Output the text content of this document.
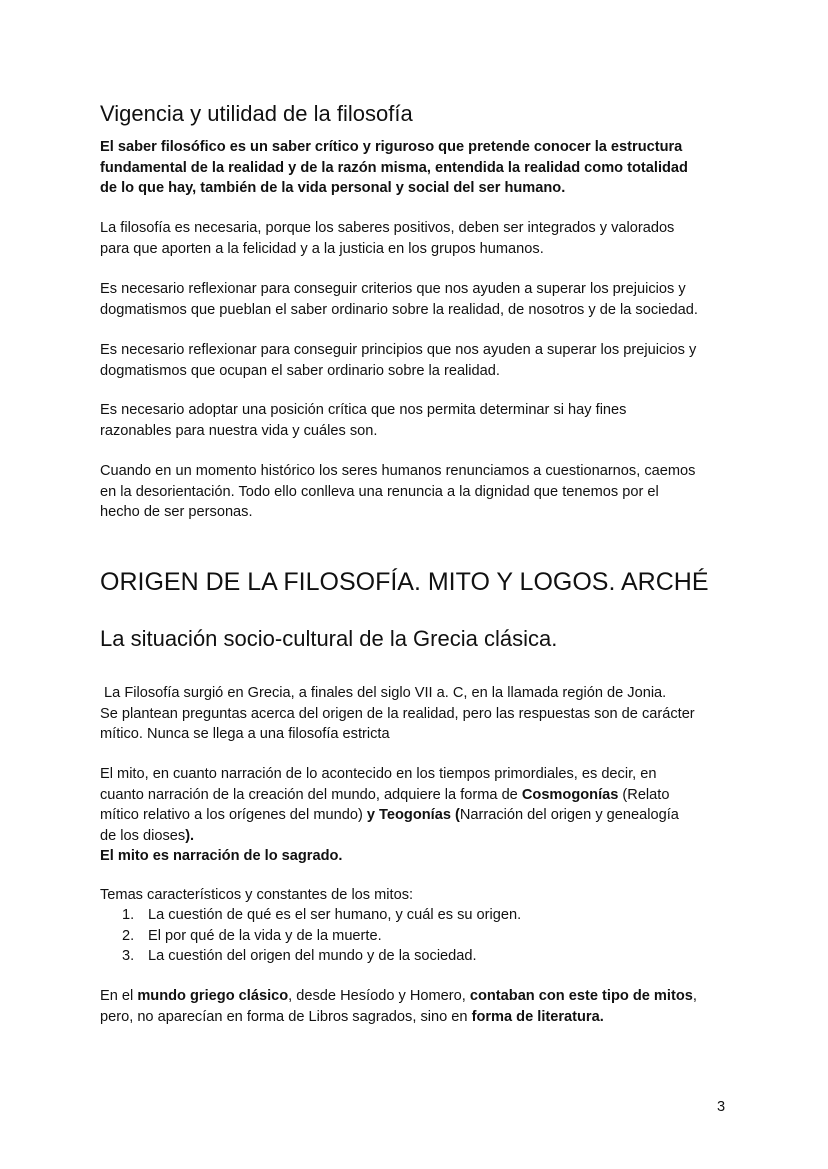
Vigencia y utilidad de la filosofía

El saber filosófico es un saber crítico y riguroso que pretende conocer la estructura
fundamental de la realidad y de la razón misma, entendida la realidad como totalidad
de lo que hay, también de la vida personal y social del ser humano.

La filosofía es necesaria, porque los saberes positivos, deben ser integrados y valorados
para que aporten a la felicidad y a la justicia en los grupos humanos.

Es necesario reflexionar para conseguir criterios que nos ayuden a superar los prejuicios y
dogmatismos que pueblan el saber ordinario sobre la realidad, de nosotros y de la sociedad.

Es necesario reflexionar para conseguir principios que nos ayuden a superar los prejuicios y
dogmatismos que ocupan el saber ordinario sobre la realidad.

Es necesario adoptar una posición crítica que nos permita determinar si hay fines
razonables para nuestra vida y cuáles son.

Cuando en un momento histórico los seres humanos renunciamos a cuestionarnos, caemos
en la desorientación. Todo ello conlleva una renuncia a la dignidad que tenemos por el
hecho de ser personas.

ORIGEN DE LA FILOSOFÍA. MITO Y LOGOS. ARCHÉ
La situación socio-cultural de la Grecia clásica.

La Filosofía surgió en Grecia, a finales del siglo VII a. C, en la llamada región de Jonia.
Se plantean preguntas acerca del origen de la realidad, pero las respuestas son de carácter
mítico. Nunca se llega a una filosofía estricta

El mito, en cuanto narración de lo acontecido en los tiempos primordiales, es decir, en
cuanto narración de la creación del mundo, adquiere la forma de Cosmogonías (Relato
mítico relativo a los orígenes del mundo) y Teogonías (Narración del origen y genealogía
de los dioses).
El mito es narración de lo sagrado.

Temas característicos y constantes de los mitos:

1. La cuestión de qué es el ser humano, y cuál es su origen.
2. El por qué de la vida y de la muerte.
3. La cuestión del origen del mundo y de la sociedad.

En el mundo griego clásico, desde Hesíodo y Homero, contaban con este tipo de mitos,
pero, no aparecían en forma de Libros sagrados, sino en forma de literatura.

3
